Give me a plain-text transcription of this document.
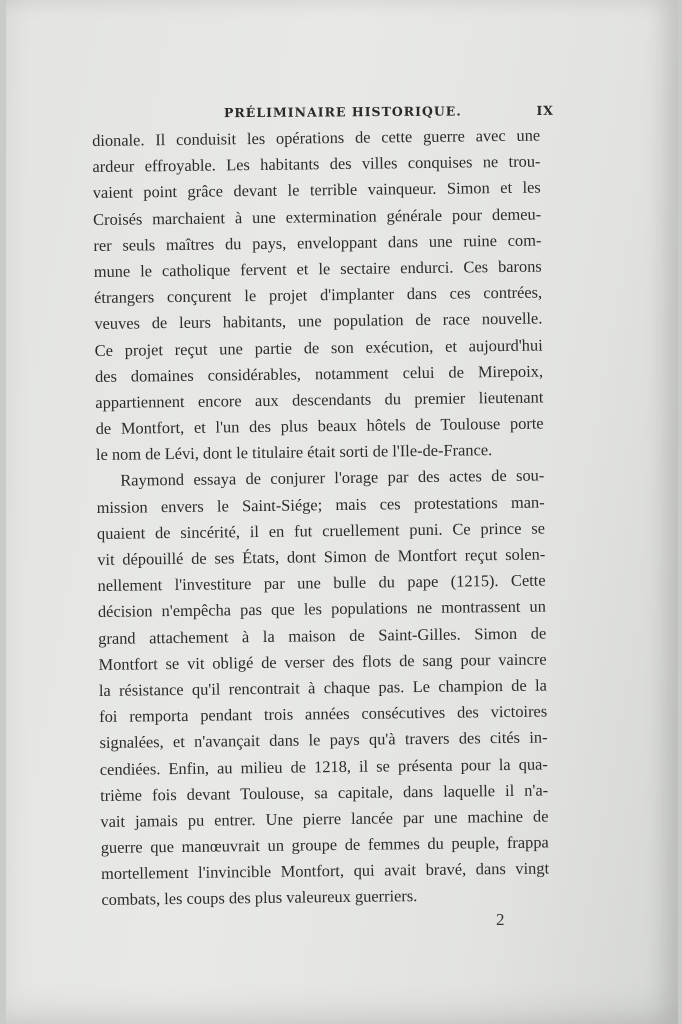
PRÉLIMINAIRE HISTORIQUE.	IX
dionale. Il conduisit les opérations de cette guerre avec une
ardeur effroyable. Les habitants des villes conquises ne trou-
vaient point grâce devant le terrible vainqueur. Simon et les
Croisés marchaient à une extermination générale pour demeu-
rer seuls maîtres du pays, enveloppant dans une ruine com-
mune le catholique fervent et le sectaire endurci. Ces barons
étrangers conçurent le projet d'implanter dans ces contrées,
veuves de leurs habitants, une population de race nouvelle.
Ce projet reçut une partie de son exécution, et aujourd'hui
des domaines considérables, notamment celui de Mirepoix,
appartiennent encore aux descendants du premier lieutenant
de Montfort, et l'un des plus beaux hôtels de Toulouse porte
le nom de Lévi, dont le titulaire était sorti de l'Ile-de-France.
Raymond essaya de conjurer l'orage par des actes de sou-
mission envers le Saint-Siége; mais ces protestations man-
quaient de sincérité, il en fut cruellement puni. Ce prince se
vit dépouillé de ses États, dont Simon de Montfort reçut solen-
nellement l'investiture par une bulle du pape (1215). Cette
décision n'empêcha pas que les populations ne montrassent un
grand attachement à la maison de Saint-Gilles. Simon de
Montfort se vit obligé de verser des flots de sang pour vaincre
la résistance qu'il rencontrait à chaque pas. Le champion de la
foi remporta pendant trois années consécutives des victoires
signalées, et n'avançait dans le pays qu'à travers des cités in-
cendiées. Enfin, au milieu de 1218, il se présenta pour la qua-
trième fois devant Toulouse, sa capitale, dans laquelle il n'a-
vait jamais pu entrer. Une pierre lancée par une machine de
guerre que manœuvrait un groupe de femmes du peuple, frappa
mortellement l'invincible Montfort, qui avait bravé, dans vingt
combats, les coups des plus valeureux guerriers.
2
